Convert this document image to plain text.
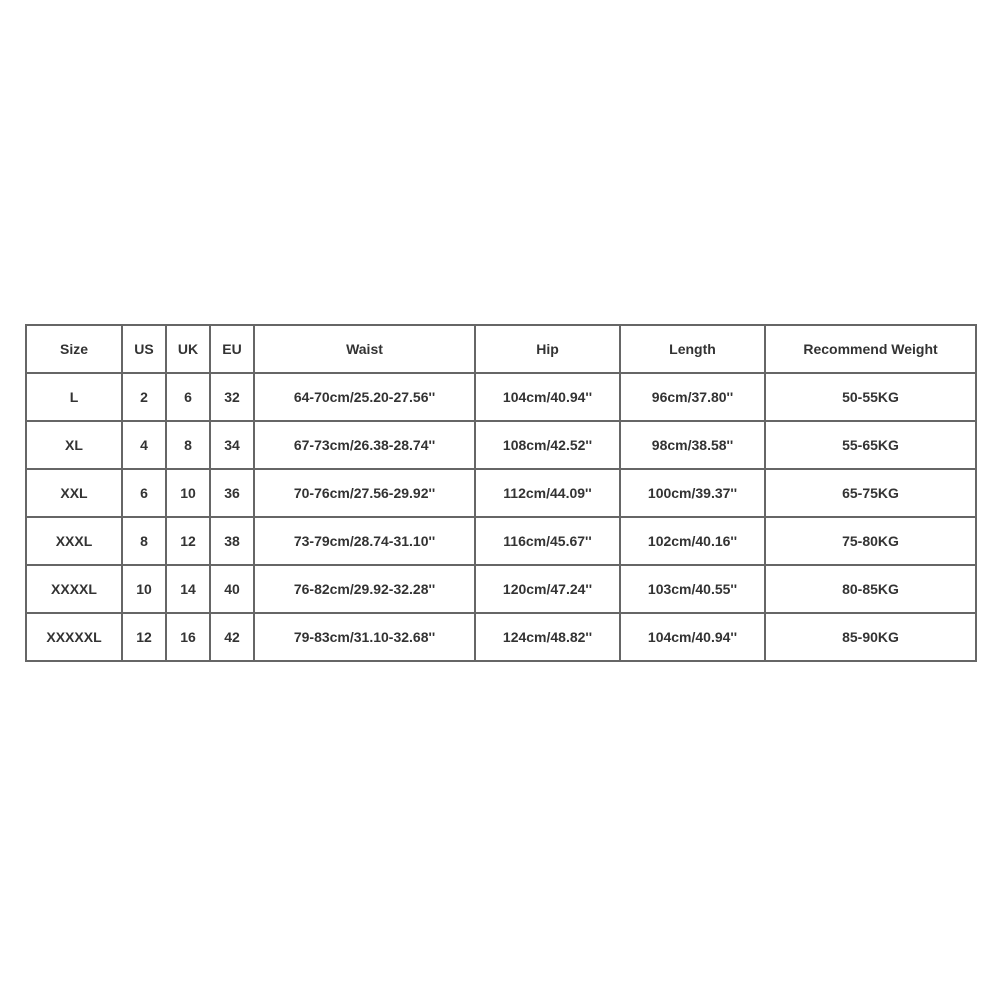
Size	US	UK	EU	Waist	Hip	Length	Recommend Weight
L	2	6	32	64-70cm/25.20-27.56''	104cm/40.94''	96cm/37.80''	50-55KG
XL	4	8	34	67-73cm/26.38-28.74''	108cm/42.52''	98cm/38.58''	55-65KG
XXL	6	10	36	70-76cm/27.56-29.92''	112cm/44.09''	100cm/39.37''	65-75KG
XXXL	8	12	38	73-79cm/28.74-31.10''	116cm/45.67''	102cm/40.16''	75-80KG
XXXXL	10	14	40	76-82cm/29.92-32.28''	120cm/47.24''	103cm/40.55''	80-85KG
XXXXXL	12	16	42	79-83cm/31.10-32.68''	124cm/48.82''	104cm/40.94''	85-90KG
